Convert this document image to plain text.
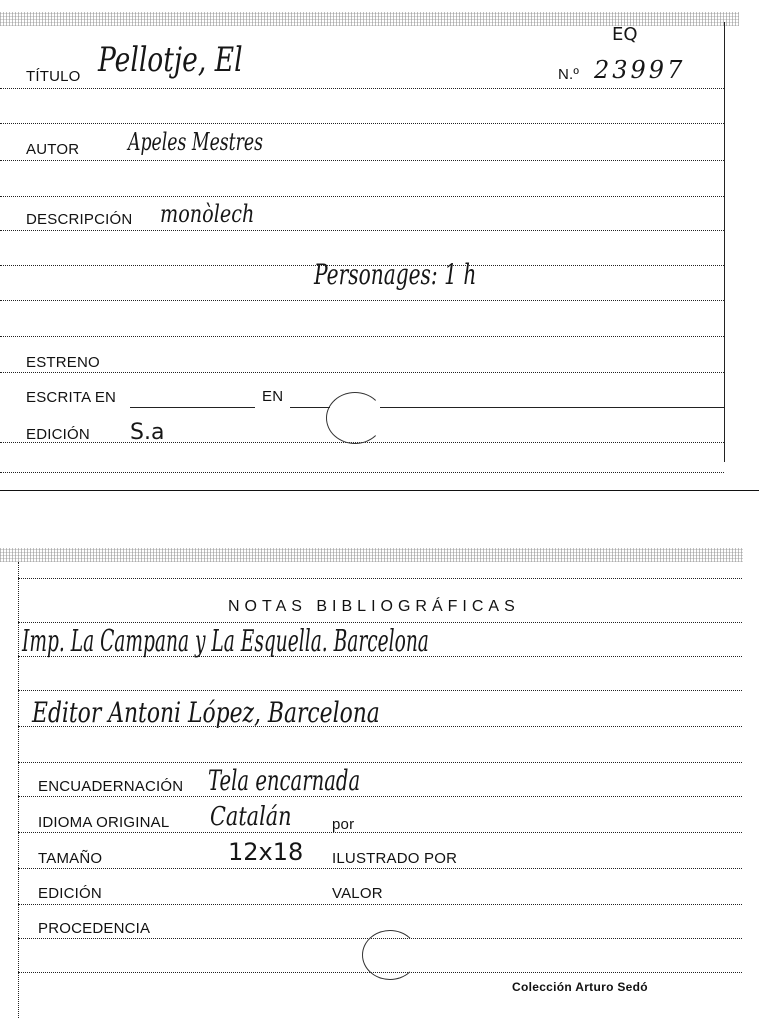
EQ
TÍTULO Pellotje, El	N.º 23997
AUTOR Apeles Mestres
DESCRIPCIÓN monòlech
Personages: 1 h
ESTRENO
ESCRITA EN	EN
EDICIÓN S.a
NOTAS BIBLIOGRÁFICAS
Imp. La Campana y La Esquella. Barcelona
Editor Antoni López, Barcelona
ENCUADERNACIÓN Tela encarnada
IDIOMA ORIGINAL Catalán	por
TAMAÑO	12x18 ILUSTRADO POR
EDICIÓN	VALOR
PROCEDENCIA
Colección Arturo Sedó
